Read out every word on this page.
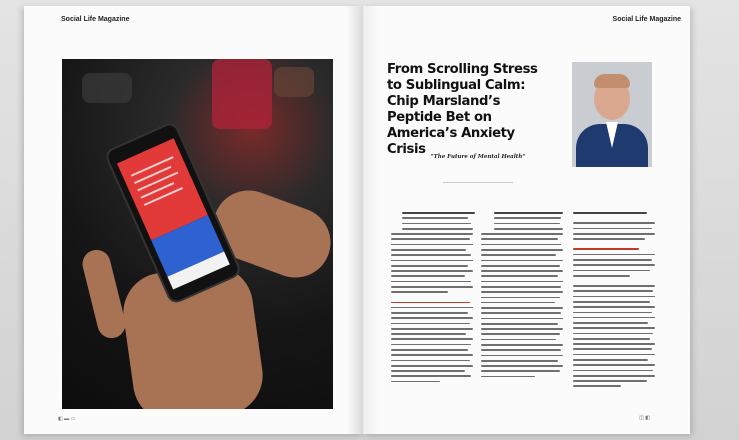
Social Life Magazine
◧ ▬ ▭
Social Life Magazine
From Scrolling Stress to Sublingual Calm: Chip Marsland’s Peptide Bet on America’s Anxiety Crisis “The Future of Mental Health”
◫ ◧
